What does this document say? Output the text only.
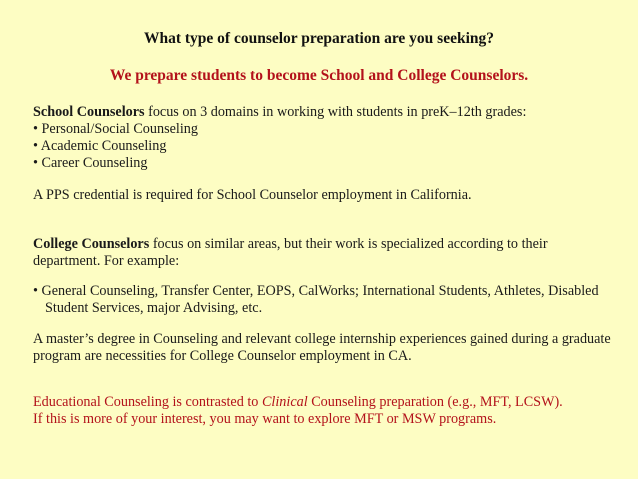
What type of counselor preparation are you seeking?
We prepare students to become School and College Counselors.

School Counselors focus on 3 domains in working with students in preK–12th grades:

• Personal/Social Counseling

• Academic Counseling

• Career Counseling

A PPS credential is required for School Counselor employment in California.

College Counselors focus on similar areas, but their work is specialized according to their department. For example:

• General Counseling, Transfer Center, EOPS, CalWorks; International Students, Athletes, Disabled Student Services, major Advising, etc.

A master’s degree in Counseling and relevant college internship experiences gained during a graduate program are necessities for College Counselor employment in CA.

Educational Counseling is contrasted to Clinical Counseling preparation (e.g., MFT, LCSW).

If this is more of your interest, you may want to explore MFT or MSW programs.
